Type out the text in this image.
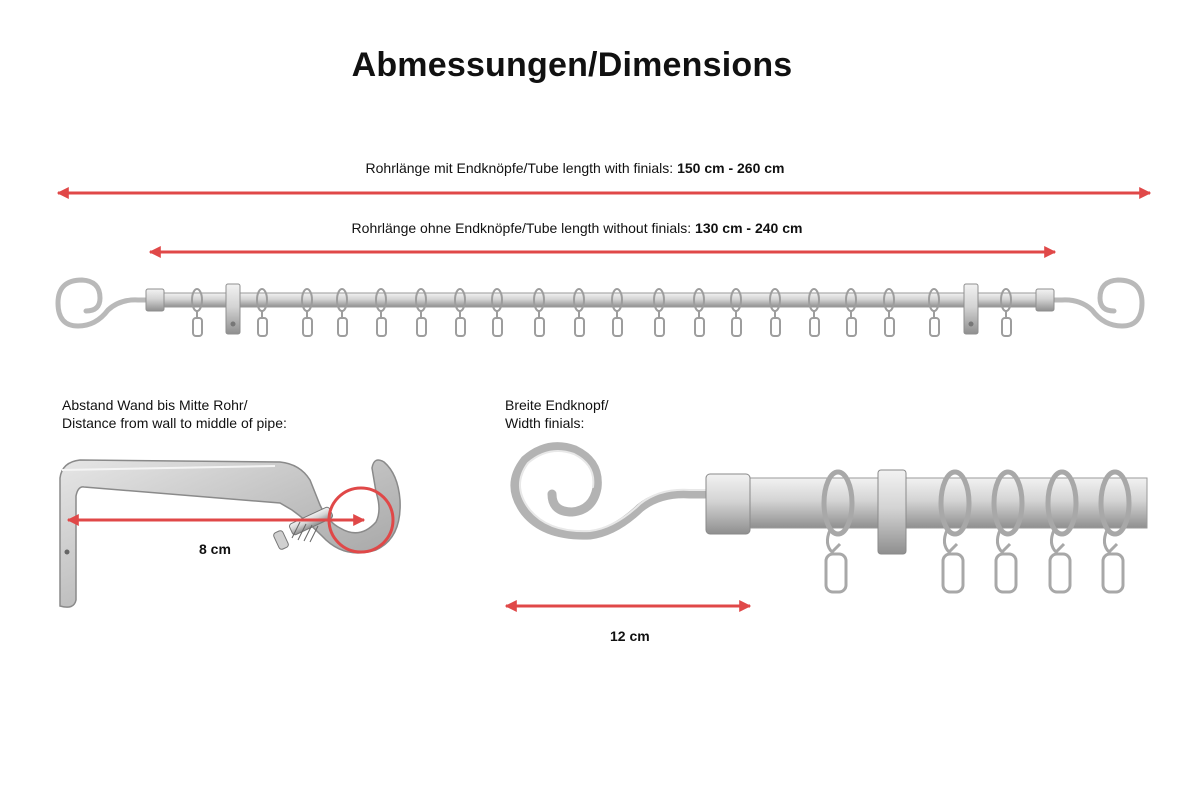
Abmessungen/Dimensions
Rohrlänge mit Endknöpfe/Tube length with finials: 150 cm - 260 cm
Rohrlänge ohne Endknöpfe/Tube length without finials: 130 cm - 240 cm
Abstand Wand bis Mitte Rohr/
Distance from wall to middle of pipe:
8 cm
Breite Endknopf/
Width finials:
12 cm
